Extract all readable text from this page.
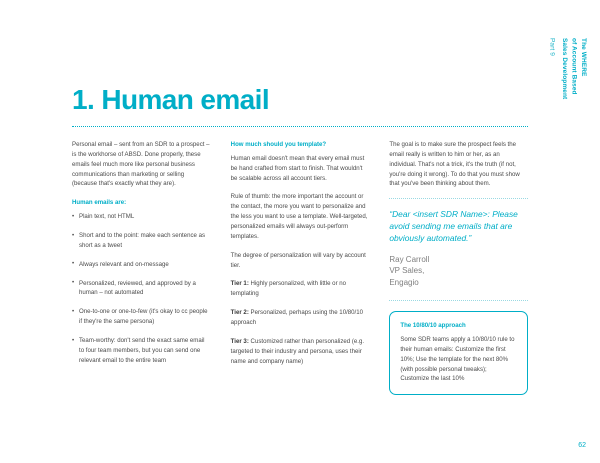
The WHERE
of Account Based
Sales Development
Part 9
1. Human email

Personal email – sent from an SDR to a prospect – is the workhorse of ABSD. Done properly, these emails feel much more like personal business communications than marketing or selling (because that's exactly what they are).

Human emails are:

• Plain text, not HTML
• Short and to the point: make each sentence as short as a tweet
• Always relevant and on-message
• Personalized, reviewed, and approved by a human – not automated
• One-to-one or one-to-few (it's okay to cc people if they're the same persona)
• Team-worthy: don't send the exact same email to four team members, but you can send one relevant email to the entire team

How much should you template?

Human email doesn't mean that every email must be hand crafted from start to finish. That wouldn't be scalable across all account tiers.

Rule of thumb: the more important the account or the contact, the more you want to personalize and the less you want to use a template. Well-targeted, personalized emails will always out-perform templates.

The degree of personalization will vary by account tier.

Tier 1: Highly personalized, with little or no templating

Tier 2: Personalized, perhaps using the 10/80/10 approach

Tier 3: Customized rather than personalized (e.g. targeted to their industry and persona, uses their name and company name)

The goal is to make sure the prospect feels the email really is written to him or her, as an individual. That's not a trick, it's the truth (if not, you're doing it wrong). To do that you must show that you've been thinking about them.

“Dear <insert SDR Name>: Please avoid sending me emails that are obviously automated.”

Ray Carroll
VP Sales,
Engagio

The 10/80/10 approach

Some SDR teams apply a 10/80/10 rule to their human emails: Customize the first 10%; Use the template for the next 80% (with possible personal tweaks); Customize the last 10%

62
